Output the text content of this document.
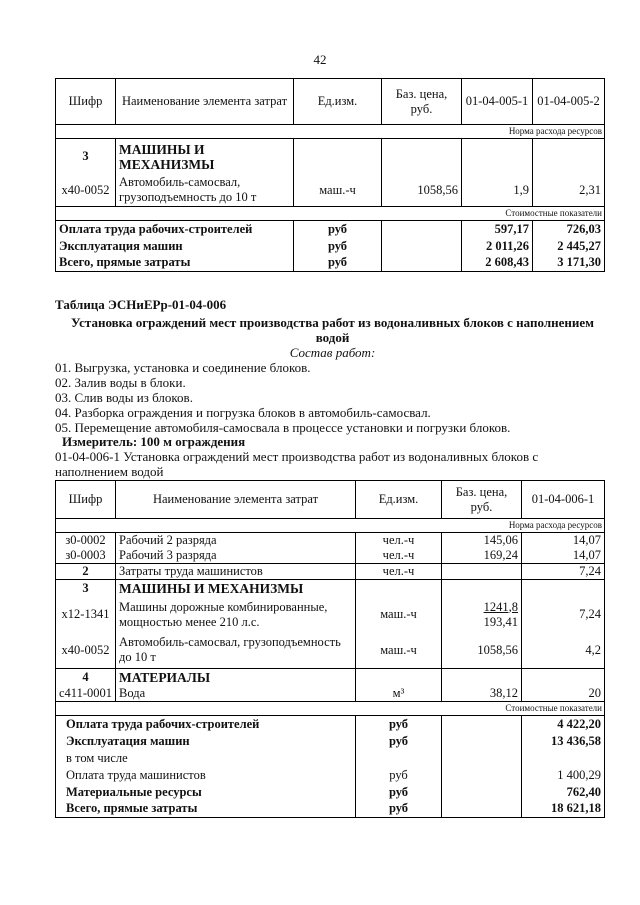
42
Шифр	Наименование элемента затрат	Ед.изм.	Баз. цена, руб.	01-04-005-1	01-04-005-2
Норма расхода ресурсов					
3	МАШИНЫ И МЕХАНИЗМЫ				
х40-0052	Автомобиль-самосвал, грузоподъемность до 10 т	маш.-ч	1058,56	1,9	2,31
Стоимостные показатели					
Оплата труда рабочих-строителей		руб		597,17	726,03
Эксплуатация машин		руб		2 011,26	2 445,27
Всего, прямые затраты		руб		2 608,43	3 171,30
Таблица ЭСНиЕРр-01-04-006
Установка ограждений мест производства работ из водоналивных блоков с наполнением водой
Состав работ:
01. Выгрузка, установка и соединение блоков.
02. Залив воды в блоки.
03. Слив воды из блоков.
04. Разборка ограждения и погрузка блоков в автомобиль-самосвал.
05. Перемещение автомобиля-самосвала в процессе установки и погрузки блоков.
Измеритель: 100 м ограждения
01-04-006-1 Установка ограждений мест производства работ из водоналивных блоков с наполнением водой
Шифр	Наименование элемента затрат	Ед.изм.	Баз. цена, руб.	01-04-006-1
Норма расхода ресурсов				
з0-0002	Рабочий 2 разряда	чел.-ч	145,06	14,07
з0-0003	Рабочий 3 разряда	чел.-ч	169,24	14,07
2	Затраты труда машинистов	чел.-ч		7,24
3	МАШИНЫ И МЕХАНИЗМЫ			
х12-1341	Машины дорожные комбинированные, мощностью менее 210 л.с.	маш.-ч	1241,8
193,41	7,24
х40-0052	Автомобиль-самосвал, грузоподъемность до 10 т	маш.-ч	1058,56	4,2
4	МАТЕРИАЛЫ			
с411-0001	Вода	м³	38,12	20
Стоимостные показатели				
Оплата труда рабочих-строителей		руб		4 422,20
Эксплуатация машин		руб		13 436,58
в том числе				
Оплата труда машинистов		руб		1 400,29
Материальные ресурсы		руб		762,40
Всего, прямые затраты		руб		18 621,18
